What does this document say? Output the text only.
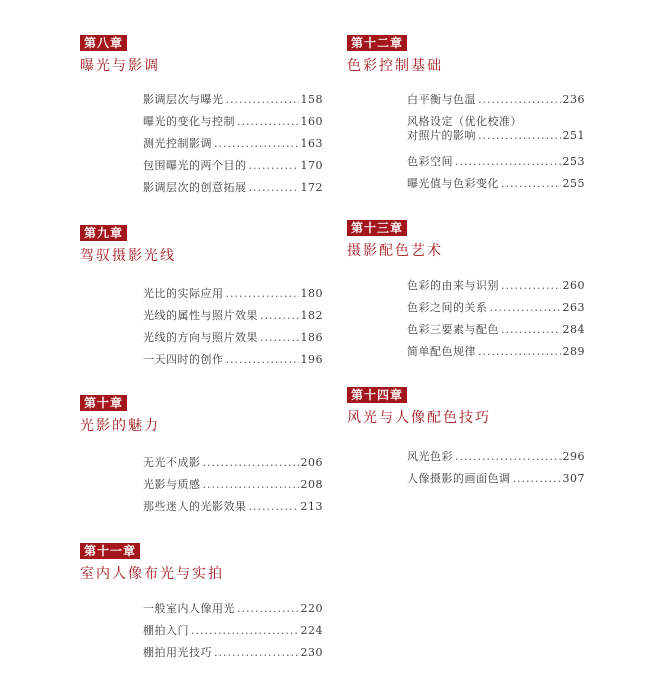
第八章
曝光与影调
影调层次与曝光 .....	158
曝光的变化与控制 .....	160
测光控制影调 .....	163
包围曝光的两个目的 .....	170
影调层次的创意拓展 .....	172
第九章
驾驭摄影光线
光比的实际应用 .....	180
光线的属性与照片效果 .....	182
光线的方向与照片效果 .....	186
一天四时的创作 .....	196
第十章
光影的魅力
无光不成影 .....	206
光影与质感 .....	208
那些迷人的光影效果 .....	213
第十一章
室内人像布光与实拍
一般室内人像用光 .....	220
棚拍入门 .....	224
棚拍用光技巧 .....	230
第十二章
色彩控制基础
白平衡与色温 .....	236
风格设定（优化校准）
对照片的影响 .....	251
色彩空间 .....	253
曝光值与色彩变化 .....	255
第十三章
摄影配色艺术
色彩的由来与识别 .....	260
色彩之间的关系 .....	263
色彩三要素与配色 .....	284
简单配色规律 .....	289
第十四章
风光与人像配色技巧
风光色彩 .....	296
人像摄影的画面色调 .....	307
